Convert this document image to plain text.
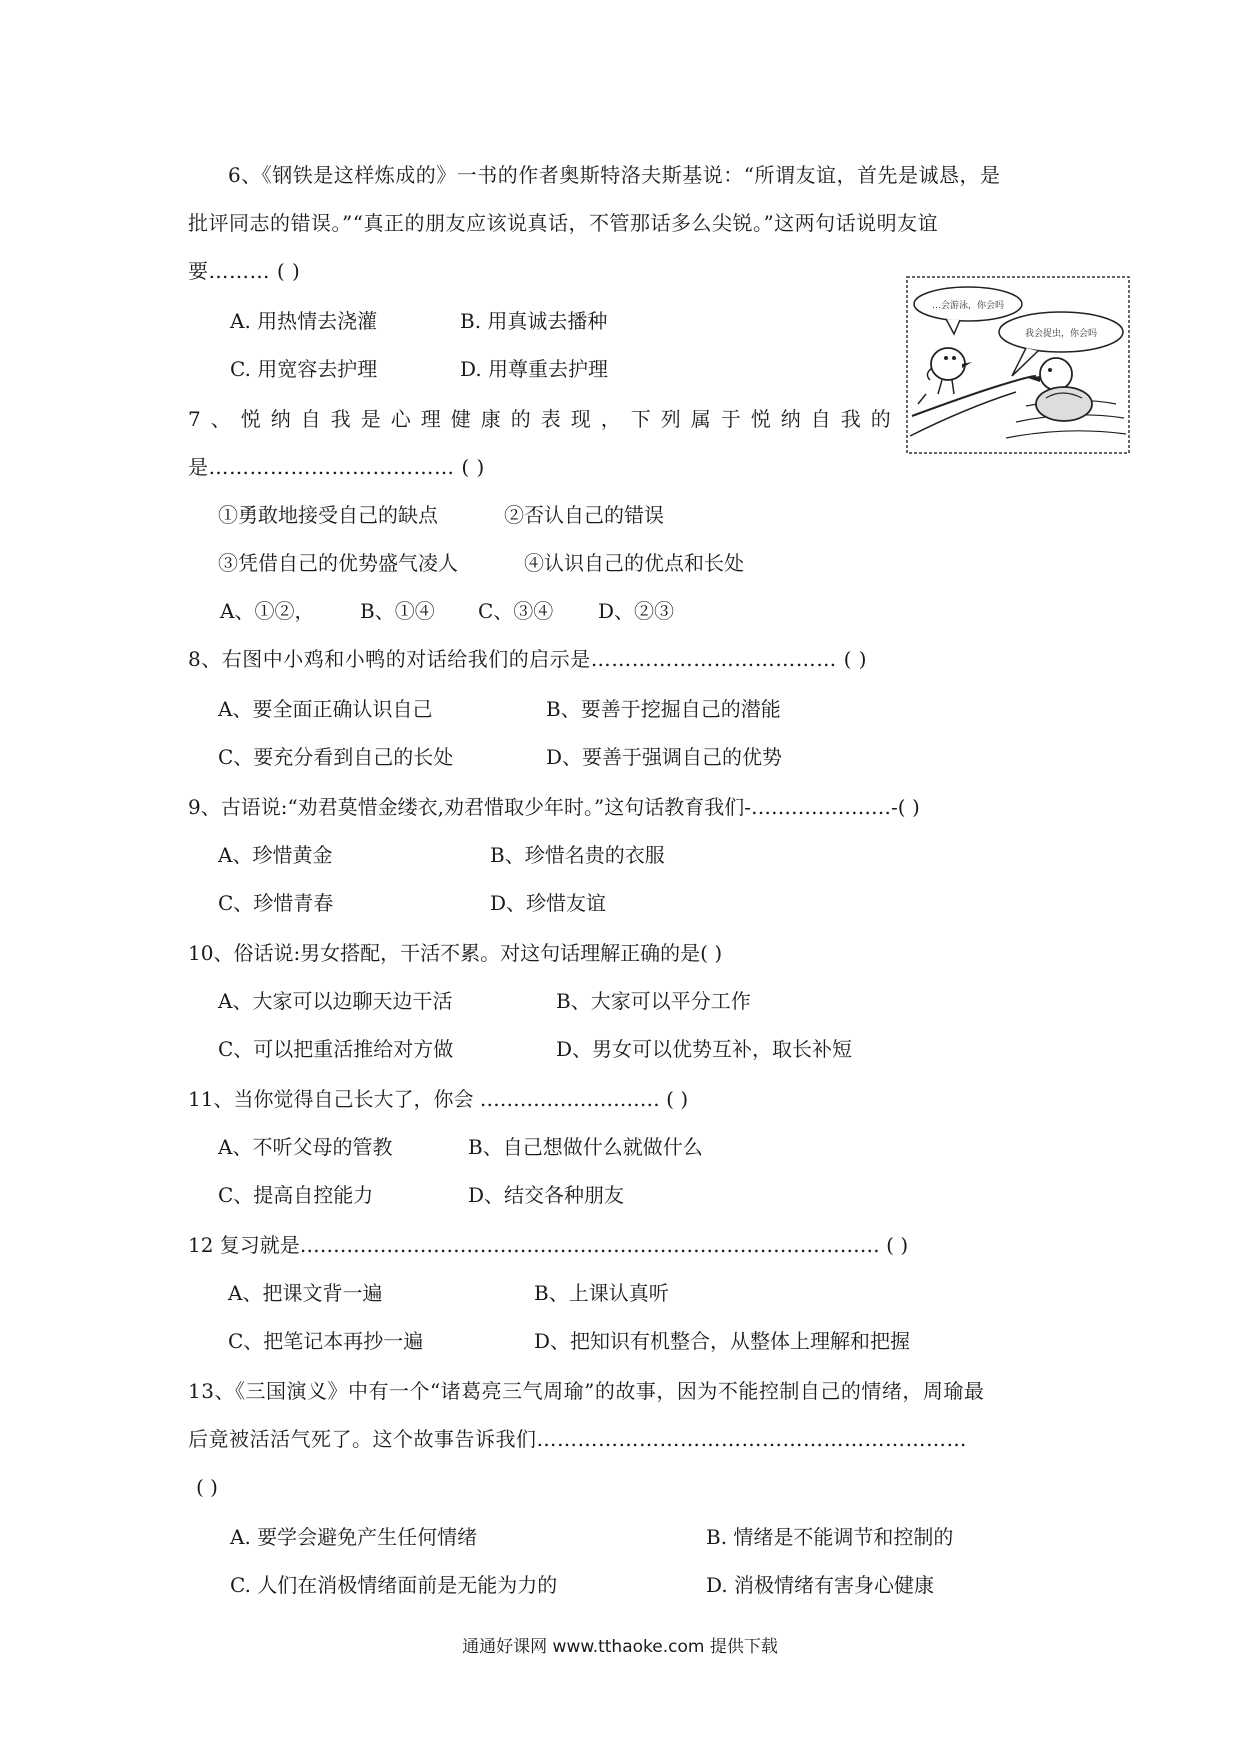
6、《钢铁是这样炼成的》一书的作者奥斯特洛夫斯基说：“所谓友谊，首先是诚恳，是
批评同志的错误。”“真正的朋友应该说真话，不管那话多么尖锐。”这两句话说明友谊
要……… ( )
A. 用热情去浇灌	B. 用真诚去播种
C. 用宽容去护理	D. 用尊重去护理
7、悦纳自我是心理健康的表现，下列属于悦纳自我的
是……………………………… ( )
①勇敢地接受自己的缺点	②否认自己的错误
③凭借自己的优势盛气凌人	④认识自己的优点和长处
A、①②， B、①④ C、③④ D、②③
…会游泳，你会吗
我会捉虫，你会吗
8、右图中小鸡和小鸭的对话给我们的启示是……………………………… ( )
A、要全面正确认识自己	B、要善于挖掘自己的潜能
C、要充分看到自己的长处	D、要善于强调自己的优势
9、古语说:“劝君莫惜金缕衣,劝君惜取少年时。”这句话教育我们-…………………-( )
A、珍惜黄金	B、珍惜名贵的衣服
C、珍惜青春	D、珍惜友谊
10、俗话说:男女搭配，干活不累。对这句话理解正确的是( )
A、大家可以边聊天边干活	B、大家可以平分工作
C、可以把重活推给对方做	D、男女可以优势互补，取长补短
11、当你觉得自己长大了，你会 ……………………… ( )
A、不听父母的管教	B、自己想做什么就做什么
C、提高自控能力	D、结交各种朋友
12 复习就是…………………………………………………………………………… ( )
A、把课文背一遍	B、上课认真听
C、把笔记本再抄一遍	D、把知识有机整合，从整体上理解和把握
13、《三国演义》中有一个“诸葛亮三气周瑜”的故事，因为不能控制自己的情绪，周瑜最
后竟被活活气死了。这个故事告诉我们………………………………………………………
( )
A. 要学会避免产生任何情绪	B. 情绪是不能调节和控制的
C. 人们在消极情绪面前是无能为力的	D. 消极情绪有害身心健康
通通好课网 www.tthaoke.com 提供下载
